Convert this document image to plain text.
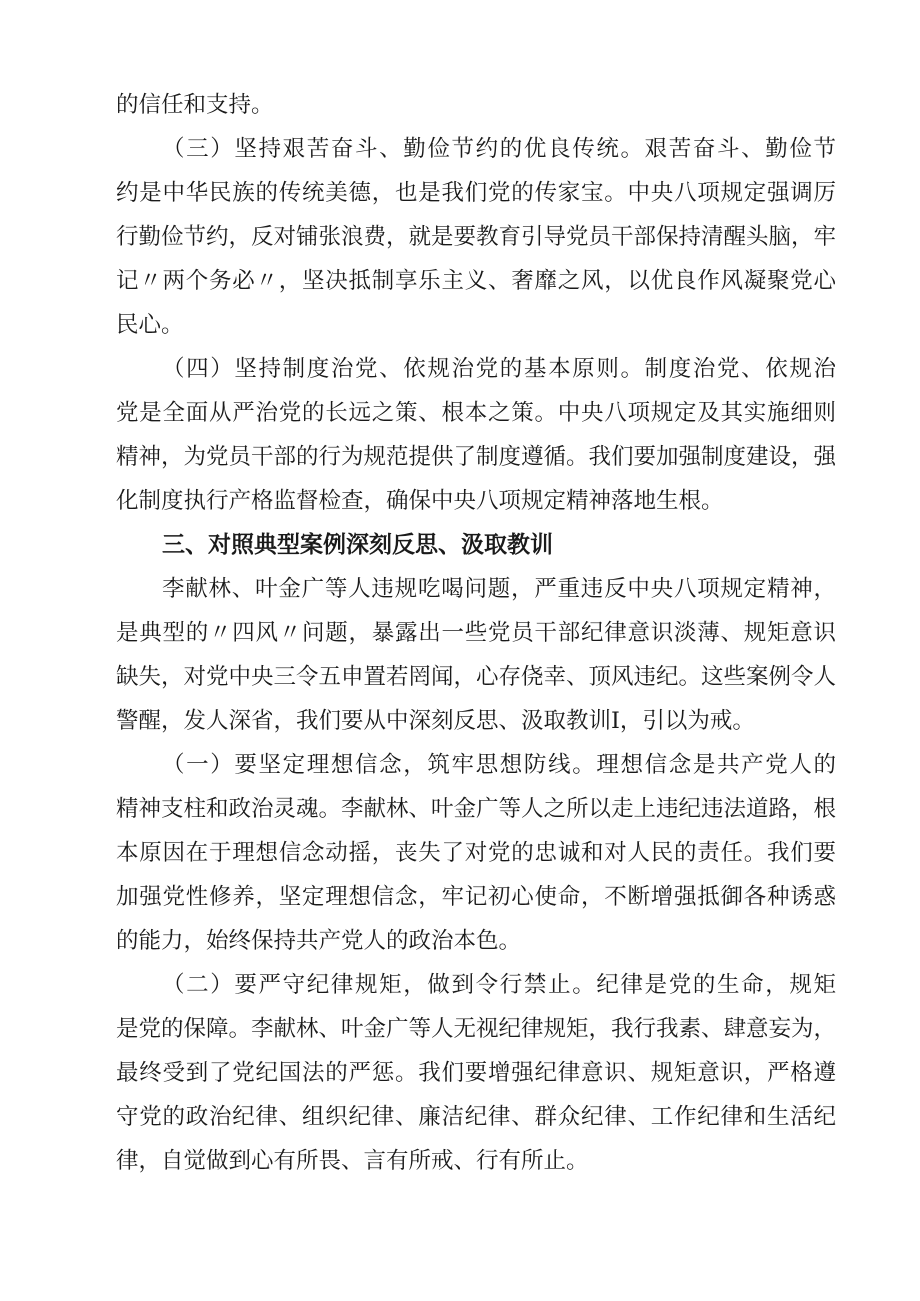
的信任和支持。
（三）坚持艰苦奋斗、勤俭节约的优良传统。艰苦奋斗、勤俭节
约是中华民族的传统美德，也是我们党的传家宝。中央八项规定强调厉
行勤俭节约，反对铺张浪费，就是要教育引导党员干部保持清醒头脑，牢
记〃两个务必〃，坚决抵制享乐主义、奢靡之风，以优良作风凝聚党心
民心。
（四）坚持制度治党、依规治党的基本原则。制度治党、依规治
党是全面从严治党的长远之策、根本之策。中央八项规定及其实施细则
精神，为党员干部的行为规范提供了制度遵循。我们要加强制度建设，强
化制度执行产格监督检查，确保中央八项规定精神落地生根。
三、对照典型案例深刻反思、汲取教训
李献林、叶金广等人违规吃喝问题，严重违反中央八项规定精神，
是典型的〃四风〃问题，暴露出一些党员干部纪律意识淡薄、规矩意识
缺失，对党中央三令五申置若罔闻，心存侥幸、顶风违纪。这些案例令人
警醒，发人深省，我们要从中深刻反思、汲取教训I，引以为戒。
（一）要坚定理想信念，筑牢思想防线。理想信念是共产党人的
精神支柱和政治灵魂。李献林、叶金广等人之所以走上违纪违法道路，根
本原因在于理想信念动摇，丧失了对党的忠诚和对人民的责任。我们要
加强党性修养，坚定理想信念，牢记初心使命，不断增强抵御各种诱惑
的能力，始终保持共产党人的政治本色。
（二）要严守纪律规矩，做到令行禁止。纪律是党的生命，规矩
是党的保障。李献林、叶金广等人无视纪律规矩，我行我素、肆意妄为，
最终受到了党纪国法的严惩。我们要增强纪律意识、规矩意识，严格遵
守党的政治纪律、组织纪律、廉洁纪律、群众纪律、工作纪律和生活纪
律，自觉做到心有所畏、言有所戒、行有所止。
